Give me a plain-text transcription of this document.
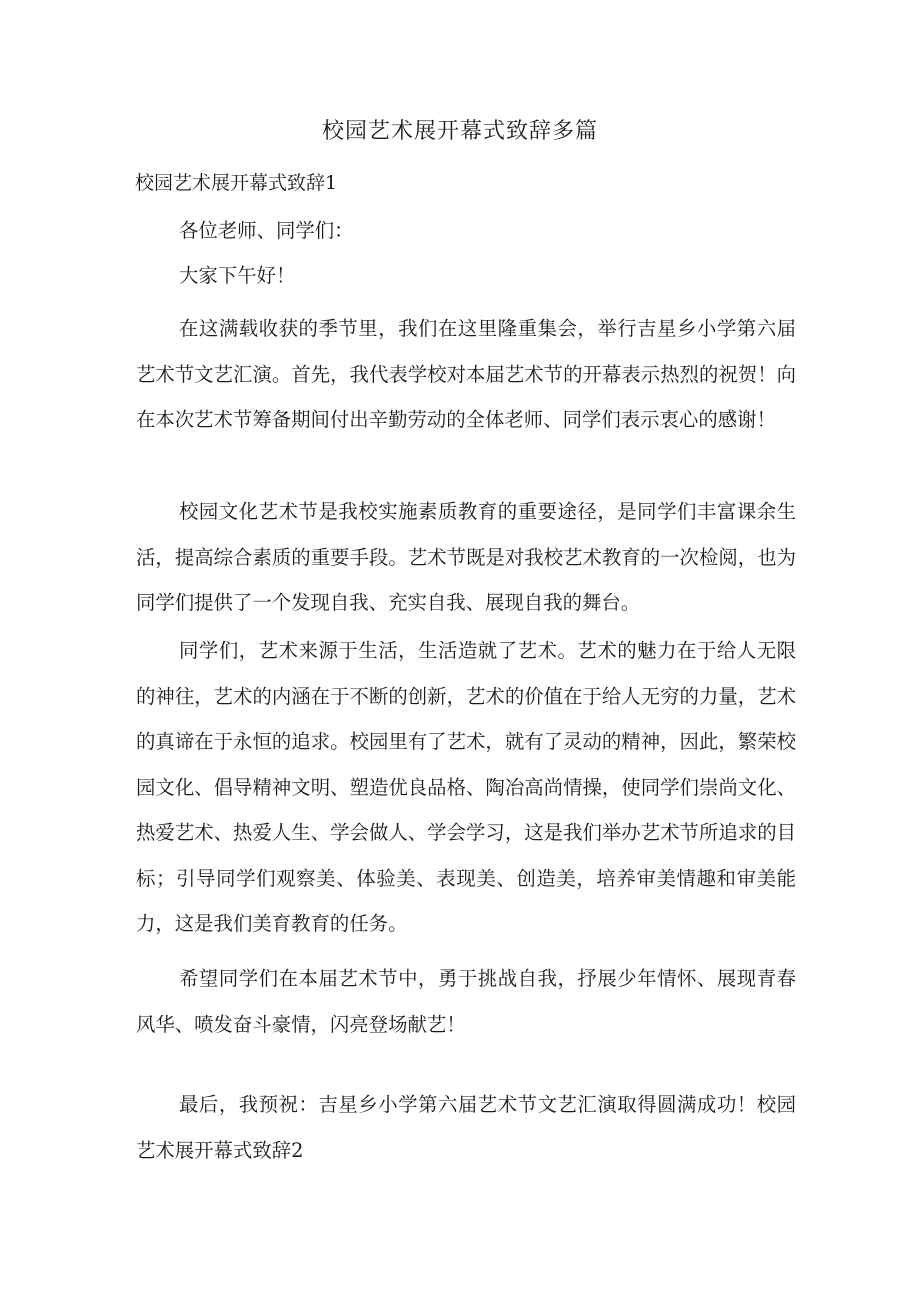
校园艺术展开幕式致辞多篇
校园艺术展开幕式致辞1

各位老师、同学们：

大家下午好！

在这满载收获的季节里，我们在这里隆重集会，举行吉星乡小学第六届艺术节文艺汇演。首先，我代表学校对本届艺术节的开幕表示热烈的祝贺！向在本次艺术节筹备期间付出辛勤劳动的全体老师、同学们表示衷心的感谢！

校园文化艺术节是我校实施素质教育的重要途径，是同学们丰富课余生活，提高综合素质的重要手段。艺术节既是对我校艺术教育的一次检阅，也为同学们提供了一个发现自我、充实自我、展现自我的舞台。

同学们，艺术来源于生活，生活造就了艺术。艺术的魅力在于给人无限的神往，艺术的内涵在于不断的创新，艺术的价值在于给人无穷的力量，艺术的真谛在于永恒的追求。校园里有了艺术，就有了灵动的精神，因此，繁荣校园文化、倡导精神文明、塑造优良品格、陶冶高尚情操，使同学们崇尚文化、热爱艺术、热爱人生、学会做人、学会学习，这是我们举办艺术节所追求的目标；引导同学们观察美、体验美、表现美、创造美，培养审美情趣和审美能力，这是我们美育教育的任务。

希望同学们在本届艺术节中，勇于挑战自我，抒展少年情怀、展现青春风华、喷发奋斗豪情，闪亮登场献艺！

最后，我预祝：吉星乡小学第六届艺术节文艺汇演取得圆满成功！校园艺术展开幕式致辞2
